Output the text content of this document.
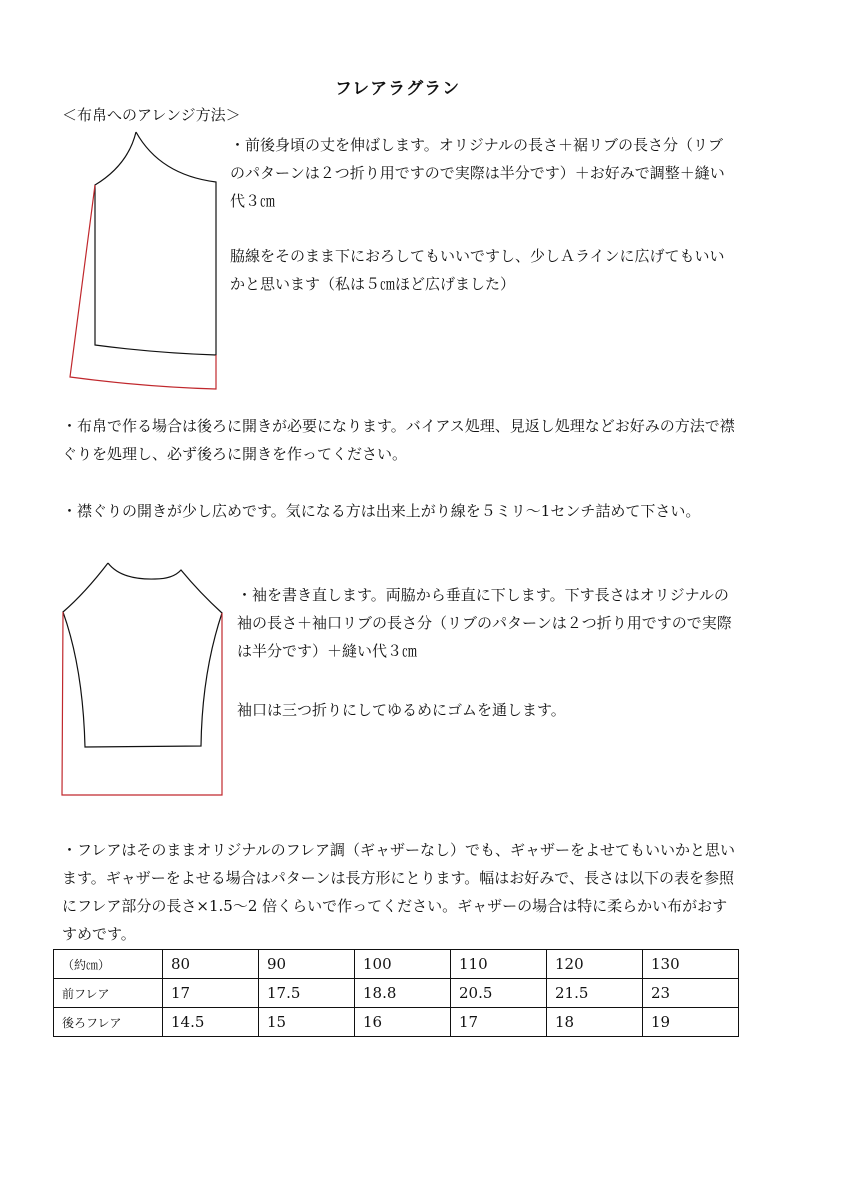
フレアラグラン
＜布帛へのアレンジ方法＞

・前後身頃の丈を伸ばします。オリジナルの長さ＋裾リブの長さ分（リブのパターンは２つ折り用ですので実際は半分です）＋お好みで調整＋縫い代３㎝

脇線をそのまま下におろしてもいいですし、少しＡラインに広げてもいいかと思います（私は５㎝ほど広げました）

・布帛で作る場合は後ろに開きが必要になります。バイアス処理、見返し処理などお好みの方法で襟ぐりを処理し、必ず後ろに開きを作ってください。

・襟ぐりの開きが少し広めです。気になる方は出来上がり線を５ミリ～1センチ詰めて下さい。

・袖を書き直します。両脇から垂直に下します。下す長さはオリジナルの袖の長さ＋袖口リブの長さ分（リブのパターンは２つ折り用ですので実際は半分です）＋縫い代３㎝

袖口は三つ折りにしてゆるめにゴムを通します。

・フレアはそのままオリジナルのフレア調（ギャザーなし）でも、ギャザーをよせてもいいかと思います。ギャザーをよせる場合はパターンは長方形にとります。幅はお好みで、長さは以下の表を参照にフレア部分の長さ×1.5～2 倍くらいで作ってください。ギャザーの場合は特に柔らかい布がおすすめです。

（約㎝）	80	90	100	110	120	130
前フレア	17	17.5	18.8	20.5	21.5	23
後ろフレア	14.5	15	16	17	18	19
